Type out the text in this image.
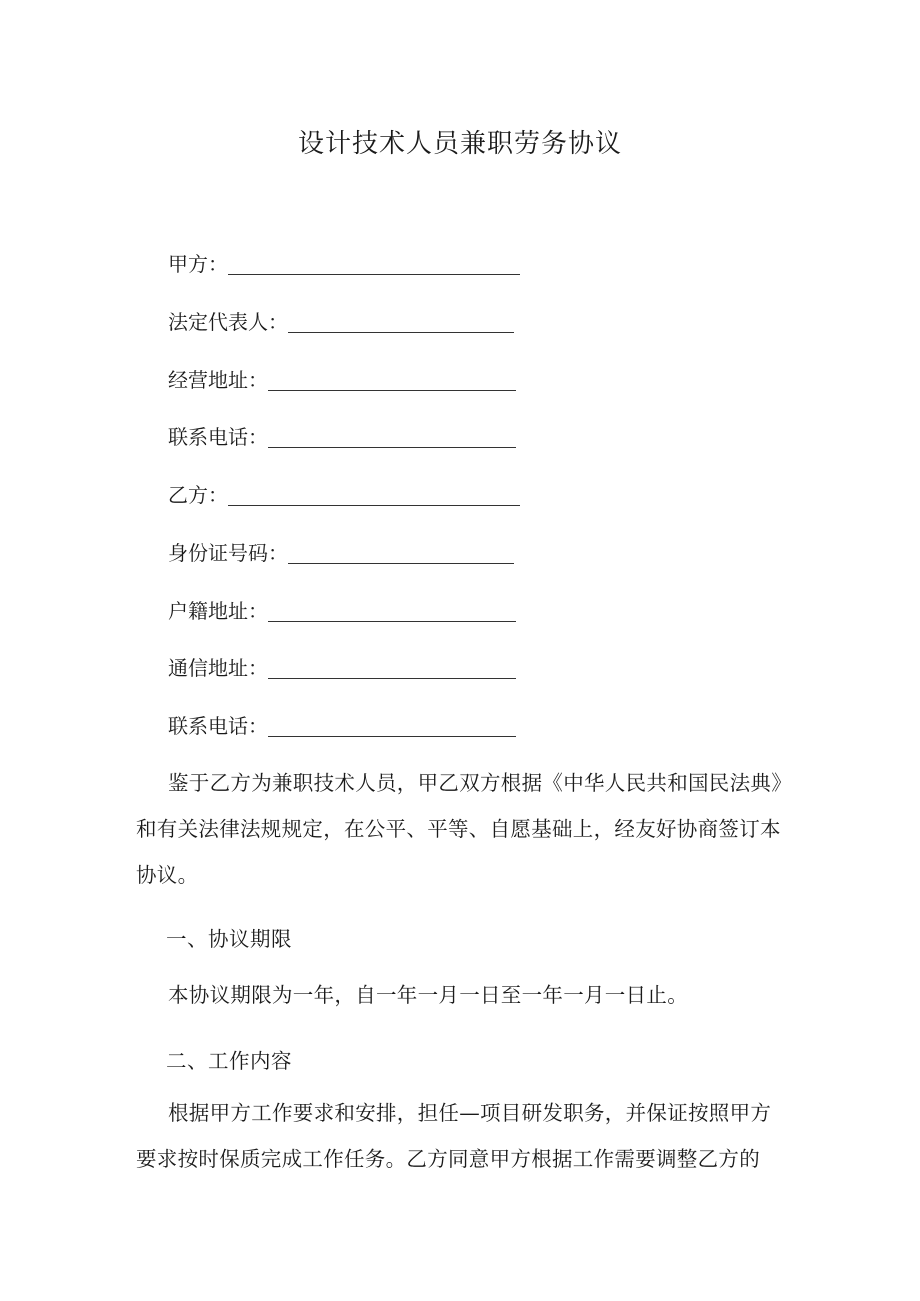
设计技术人员兼职劳务协议
甲方：
法定代表人：
经营地址：
联系电话：
乙方：
身份证号码：
户籍地址：
通信地址：
联系电话：
鉴于乙方为兼职技术人员，甲乙双方根据《中华人民共和国民法典》和有关法律法规规定，在公平、平等、自愿基础上，经友好协商签订本协议。
一、协议期限
本协议期限为一年，自一年一月一日至一年一月一日止。
二、工作内容
根据甲方工作要求和安排，担任—项目研发职务，并保证按照甲方要求按时保质完成工作任务。乙方同意甲方根据工作需要调整乙方的
